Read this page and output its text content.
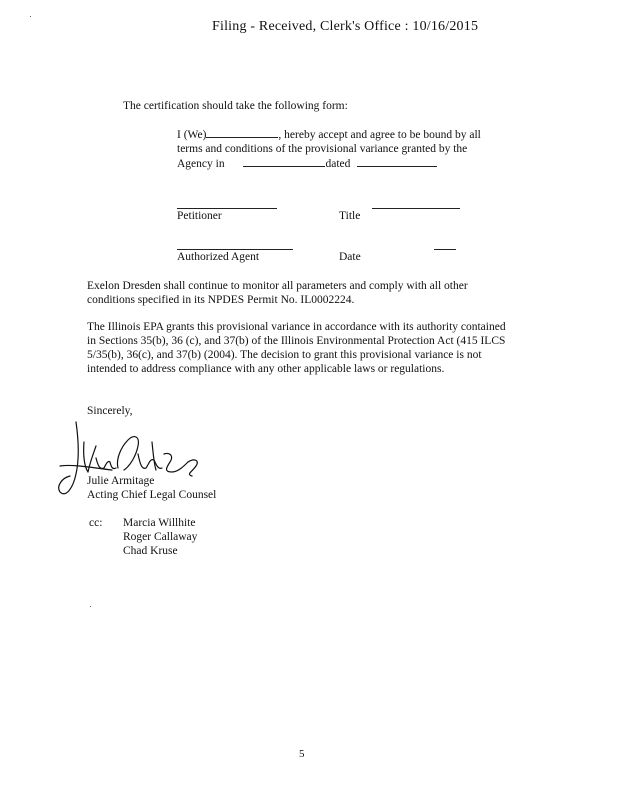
Filing - Received, Clerk's Office : 10/16/2015
The certification should take the following form:
I (We)	, hereby accept and agree to be bound by all
terms and conditions of the provisional variance granted by the
Agency in	dated
Petitioner	Title
Authorized Agent	Date
Exelon Dresden shall continue to monitor all parameters and comply with all other conditions specified in its NPDES Permit No. IL0002224.
The Illinois EPA grants this provisional variance in accordance with its authority contained in Sections 35(b), 36 (c), and 37(b) of the Illinois Environmental Protection Act (415 ILCS 5/35(b), 36(c), and 37(b) (2004). The decision to grant this provisional variance is not intended to address compliance with any other applicable laws or regulations.
Sincerely,
Julie Armitage
Acting Chief Legal Counsel
cc: Marcia Willhite
Roger Callaway
Chad Kruse
5
